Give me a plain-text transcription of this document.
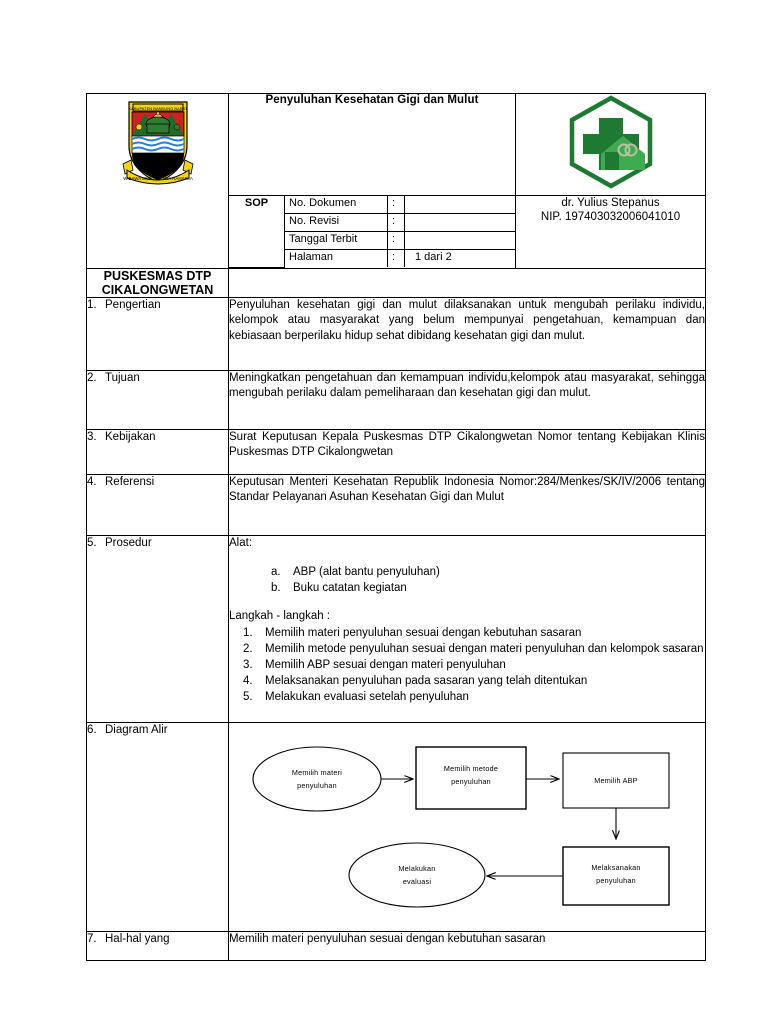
KABUPATEN BANDUNG BARAT
WIBAWA MUKTI KERTA RAHARJA
	Penyuluhan Kesehatan Gigi dan Mulut	

SOP	No. Dokumen	:	
No. Revisi	:	
Tanggal Terbit	:	
Halaman	:	1 dari 2

dr. Yulius Stepanus
NIP. 197403032006041010

PUSKESMAS DTP
CIKALONGWETAN

1. Pengertian	Penyuluhan kesehatan gigi dan mulut dilaksanakan untuk mengubah perilaku individu, kelompok atau masyarakat yang belum mempunyai pengetahuan, kemampuan dan kebiasaan berperilaku hidup sehat dibidang kesehatan gigi dan mulut.
2. Tujuan	Meningkatkan pengetahuan dan kemampuan individu,kelompok atau masyarakat, sehingga mengubah perilaku dalam pemeliharaan dan kesehatan gigi dan mulut.
3. Kebijakan	Surat Keputusan Kepala Puskesmas DTP Cikalongwetan Nomor tentang Kebijakan Klinis Puskesmas DTP Cikalongwetan
4. Referensi	Keputusan Menteri Kesehatan Republik Indonesia Nomor:284/Menkes/SK/IV/2006 tentang Standar Pelayanan Asuhan Kesehatan Gigi dan Mulut
5. Prosedur	Alat:

a. ABP (alat bantu penyuluhan)
b. Buku catatan kegiatan

Langkah - langkah :

1. Memilih materi penyuluhan sesuai dengan kebutuhan sasaran
2. Memilih metode penyuluhan sesuai dengan materi penyuluhan dan kelompok sasaran
3. Memilih ABP sesuai dengan materi penyuluhan
4. Melaksanakan penyuluhan pada sasaran yang telah ditentukan
5. Melakukan evaluasi setelah penyuluhan

6. Diagram Alir	
Memilih materi
penyuluhan
Memilih metode
penyuluhan	Memilih ABP
Melaksanakan
penyuluhan
Melakukan
evaluasi

7. Hal-hal yang	Memilih materi penyuluhan sesuai dengan kebutuhan sasaran
